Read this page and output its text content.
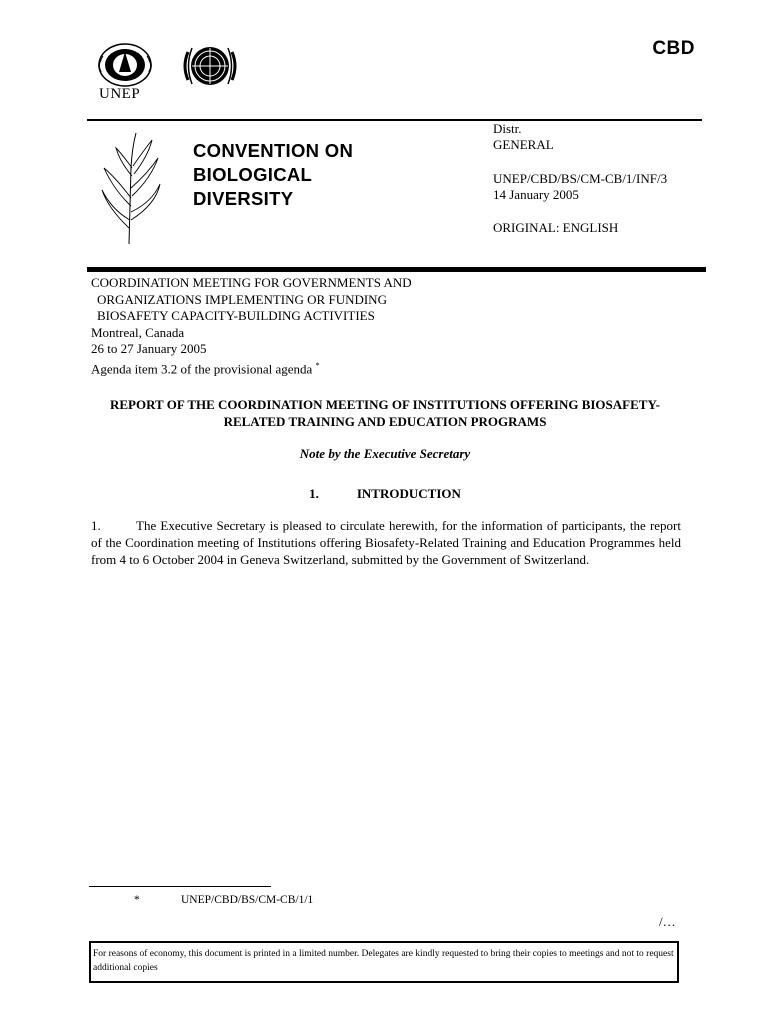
CBD
UNEP
CONVENTION ON
BIOLOGICAL
DIVERSITY
Distr.
GENERAL
UNEP/CBD/BS/CM-CB/1/INF/3
14 January 2005
ORIGINAL: ENGLISH
COORDINATION MEETING FOR GOVERNMENTS AND
ORGANIZATIONS IMPLEMENTING OR FUNDING
BIOSAFETY CAPACITY-BUILDING ACTIVITIES
Montreal, Canada
26 to 27 January 2005
Agenda item 3.2 of the provisional agenda *
REPORT OF THE COORDINATION MEETING OF INSTITUTIONS OFFERING BIOSAFETY-
RELATED TRAINING AND EDUCATION PROGRAMS
Note by the Executive Secretary
1.	INTRODUCTION
1.	The Executive Secretary is pleased to circulate herewith, for the information of participants, the report of the Coordination meeting of Institutions offering Biosafety-Related Training and Education Programmes held from 4 to 6 October 2004 in Geneva Switzerland, submitted by the Government of Switzerland.
*	UNEP/CBD/BS/CM-CB/1/1
/…
For reasons of economy, this document is printed in a limited number. Delegates are kindly requested to bring their copies to meetings and not to request additional copies
